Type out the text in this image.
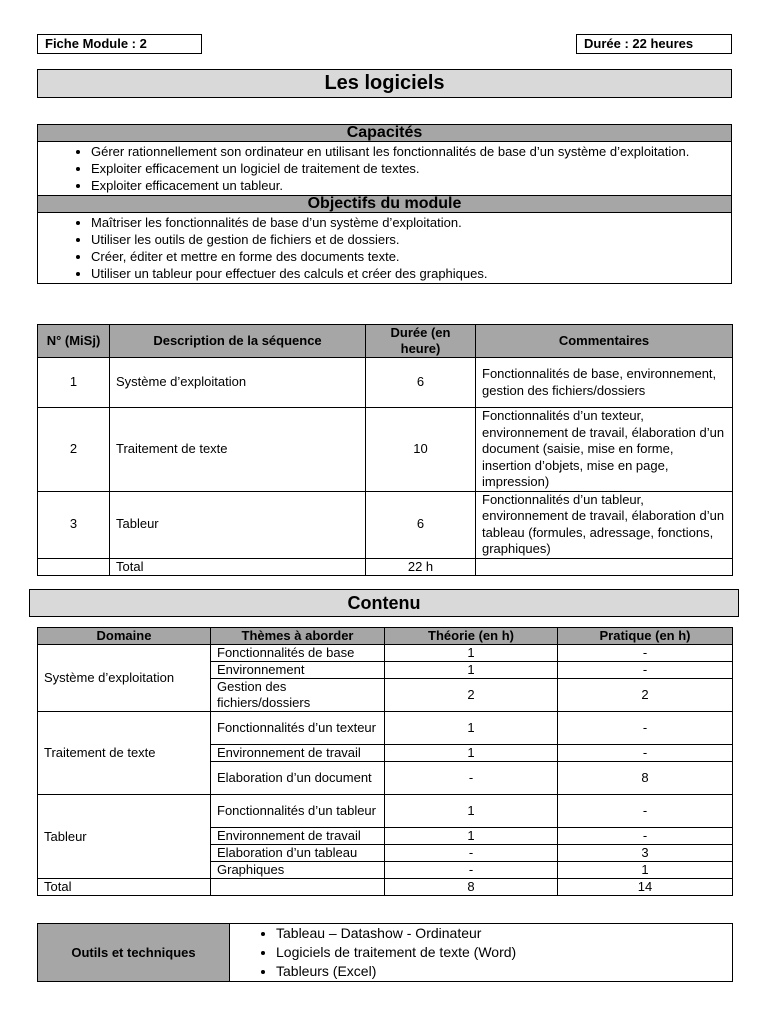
Fiche Module : 2	Durée : 22 heures
Les logiciels
Capacités
• Gérer rationnellement son ordinateur en utilisant les fonctionnalités de base d’un système d’exploitation.
• Exploiter efficacement un logiciel de traitement de textes.
• Exploiter efficacement un tableur.
Objectifs du module
• Maîtriser les fonctionnalités de base d’un système d’exploitation.
• Utiliser les outils de gestion de fichiers et de dossiers.
• Créer, éditer et mettre en forme des documents texte.
• Utiliser un tableur pour effectuer des calculs et créer des graphiques.
N° (MiSj)	Description de la séquence	Durée (en heure)	Commentaires
1	Système d’exploitation	6	Fonctionnalités de base, environnement, gestion des fichiers/dossiers
2	Traitement de texte	10	Fonctionnalités d’un texteur, environnement de travail, élaboration d’un document (saisie, mise en forme, insertion d’objets, mise en page, impression)
3	Tableur	6	Fonctionnalités d’un tableur, environnement de travail, élaboration d’un tableau (formules, adressage, fonctions, graphiques)
	Total	22 h	
Contenu
Domaine	Thèmes à aborder	Théorie (en h)	Pratique (en h)
Système d’exploitation	Fonctionnalités de base	1	-
	Environnement	1	-
	Gestion des fichiers/dossiers	2	2
Traitement de texte	Fonctionnalités d’un texteur	1	-
	Environnement de travail	1	-
	Elaboration d’un document	-	8
Tableur	Fonctionnalités d’un tableur	1	-
	Environnement de travail	1	-
	Elaboration d’un tableau	-	3
	Graphiques	-	1
Total		8	14
Outils et techniques	
• Tableau – Datashow - Ordinateur
• Logiciels de traitement de texte (Word)
• Tableurs (Excel)
